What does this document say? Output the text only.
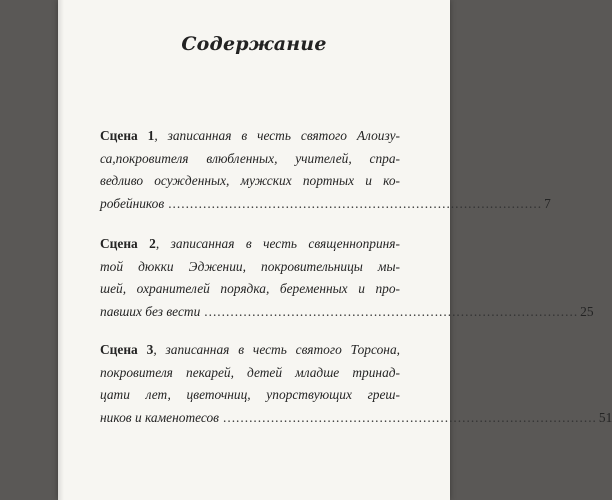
Содержание
Сцена 1, записанная в честь святого Алоизу-
са,покровителя влюбленных, учителей, спра-
ведливо осужденных, мужских портных и ко-
робейников ...................................................................................... 7
Сцена 2, записанная в честь священноприня-
той дюкки Эджении, покровительницы мы-
шей, охранителей порядка, беременных и про-
павших без вести ...................................................................................... 25
Сцена 3, записанная в честь святого Торсона,
покровителя пекарей, детей младше тринад-
цати лет, цветочниц, упорствующих греш-
ников и каменотесов ...................................................................................... 51
